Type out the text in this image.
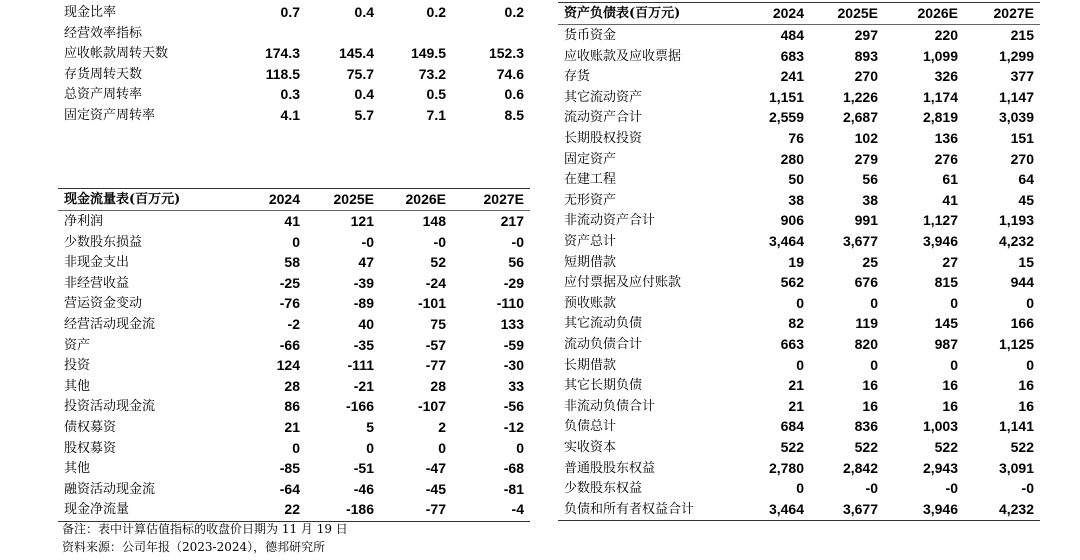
现金比率	0.7	0.4	0.2	0.2
经营效率指标
应收帐款周转天数	174.3	145.4	149.5	152.3
存货周转天数	118.5	75.7	73.2	74.6
总资产周转率	0.3	0.4	0.5	0.6
固定资产周转率	4.1	5.7	7.1	8.5
现金流量表(百万元)	2024	2025E	2026E	2027E
净利润	41	121	148	217
少数股东损益	0	-0	-0	-0
非现金支出	58	47	52	56
非经营收益	-25	-39	-24	-29
营运资金变动	-76	-89	-101	-110
经营活动现金流	-2	40	75	133
资产	-66	-35	-57	-59
投资	124	-111	-77	-30
其他	28	-21	28	33
投资活动现金流	86	-166	-107	-56
债权募资	21	5	2	-12
股权募资	0	0	0	0
其他	-85	-51	-47	-68
融资活动现金流	-64	-46	-45	-81
现金净流量	22	-186	-77	-4
资产负债表(百万元)	2024	2025E	2026E	2027E
货币资金	484	297	220	215
应收账款及应收票据	683	893	1,099	1,299
存货	241	270	326	377
其它流动资产	1,151	1,226	1,174	1,147
流动资产合计	2,559	2,687	2,819	3,039
长期股权投资	76	102	136	151
固定资产	280	279	276	270
在建工程	50	56	61	64
无形资产	38	38	41	45
非流动资产合计	906	991	1,127	1,193
资产总计	3,464	3,677	3,946	4,232
短期借款	19	25	27	15
应付票据及应付账款	562	676	815	944
预收账款	0	0	0	0
其它流动负债	82	119	145	166
流动负债合计	663	820	987	1,125
长期借款	0	0	0	0
其它长期负债	21	16	16	16
非流动负债合计	21	16	16	16
负债总计	684	836	1,003	1,141
实收资本	522	522	522	522
普通股股东权益	2,780	2,842	2,943	3,091
少数股东权益	0	-0	-0	-0
负债和所有者权益合计	3,464	3,677	3,946	4,232
备注：表中计算估值指标的收盘价日期为 11 月 19 日
资料来源：公司年报（2023-2024），德邦研究所
